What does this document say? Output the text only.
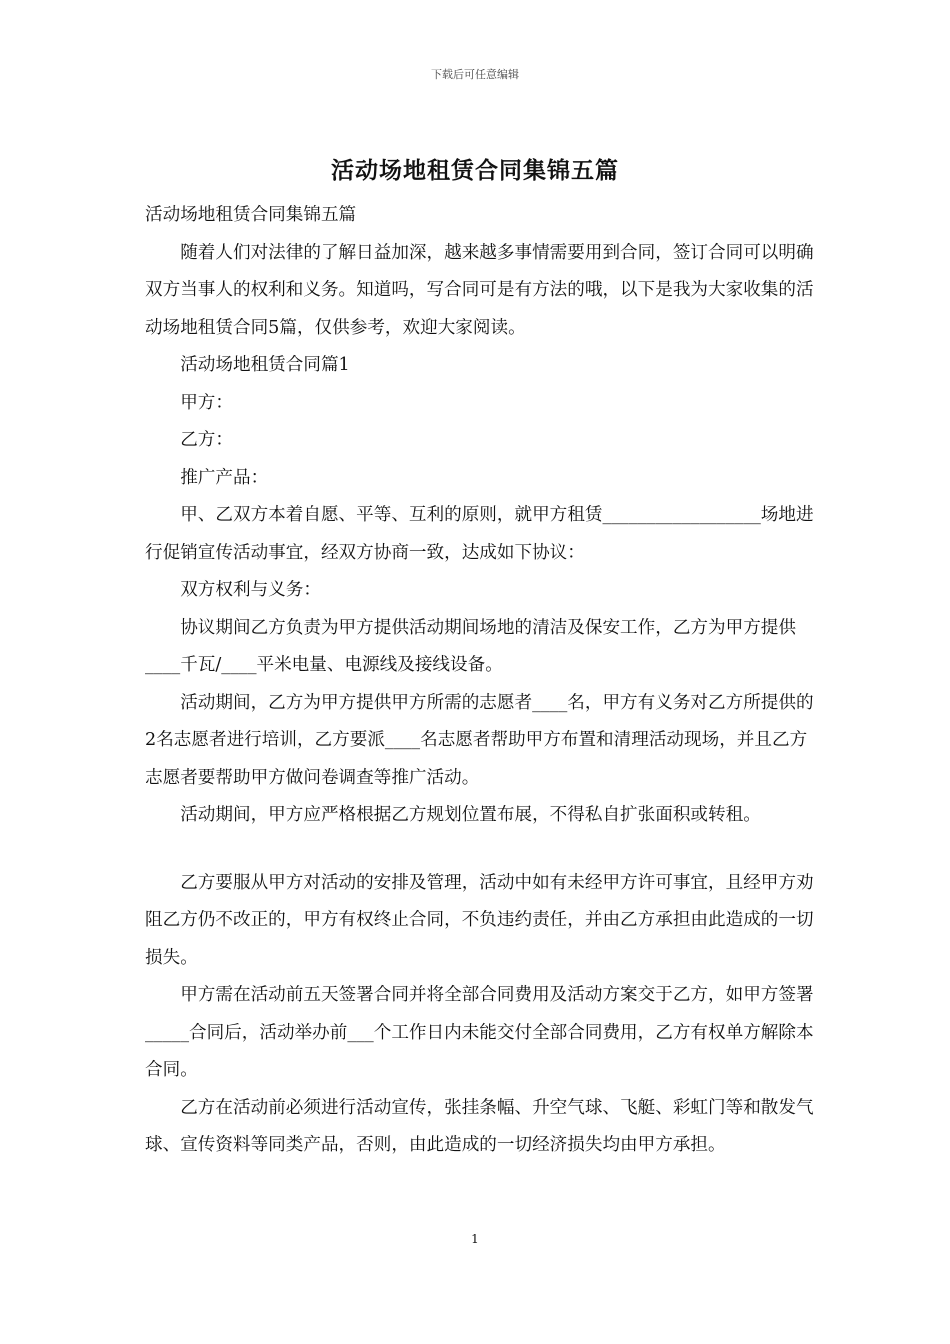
下载后可任意编辑
活动场地租赁合同集锦五篇

活动场地租赁合同集锦五篇

随着人们对法律的了解日益加深，越来越多事情需要用到合同，签订合同可以明确双方当事人的权利和义务。知道吗，写合同可是有方法的哦，以下是我为大家收集的活动场地租赁合同5篇，仅供参考，欢迎大家阅读。

活动场地租赁合同篇1

甲方：

乙方：

推广产品：

甲、乙双方本着自愿、平等、互利的原则，就甲方租赁__________________场地进行促销宣传活动事宜，经双方协商一致，达成如下协议：

双方权利与义务：

协议期间乙方负责为甲方提供活动期间场地的清洁及保安工作，乙方为甲方提供____千瓦/____平米电量、电源线及接线设备。

活动期间，乙方为甲方提供甲方所需的志愿者____名，甲方有义务对乙方所提供的2名志愿者进行培训，乙方要派____名志愿者帮助甲方布置和清理活动现场，并且乙方志愿者要帮助甲方做问卷调查等推广活动。

活动期间，甲方应严格根据乙方规划位置布展，不得私自扩张面积或转租。

乙方要服从甲方对活动的安排及管理，活动中如有未经甲方许可事宜，且经甲方劝阻乙方仍不改正的，甲方有权终止合同，不负违约责任，并由乙方承担由此造成的一切损失。

甲方需在活动前五天签署合同并将全部合同费用及活动方案交于乙方，如甲方签署_____合同后，活动举办前___个工作日内未能交付全部合同费用，乙方有权单方解除本合同。

乙方在活动前必须进行活动宣传，张挂条幅、升空气球、飞艇、彩虹门等和散发气球、宣传资料等同类产品，否则，由此造成的一切经济损失均由甲方承担。

1
